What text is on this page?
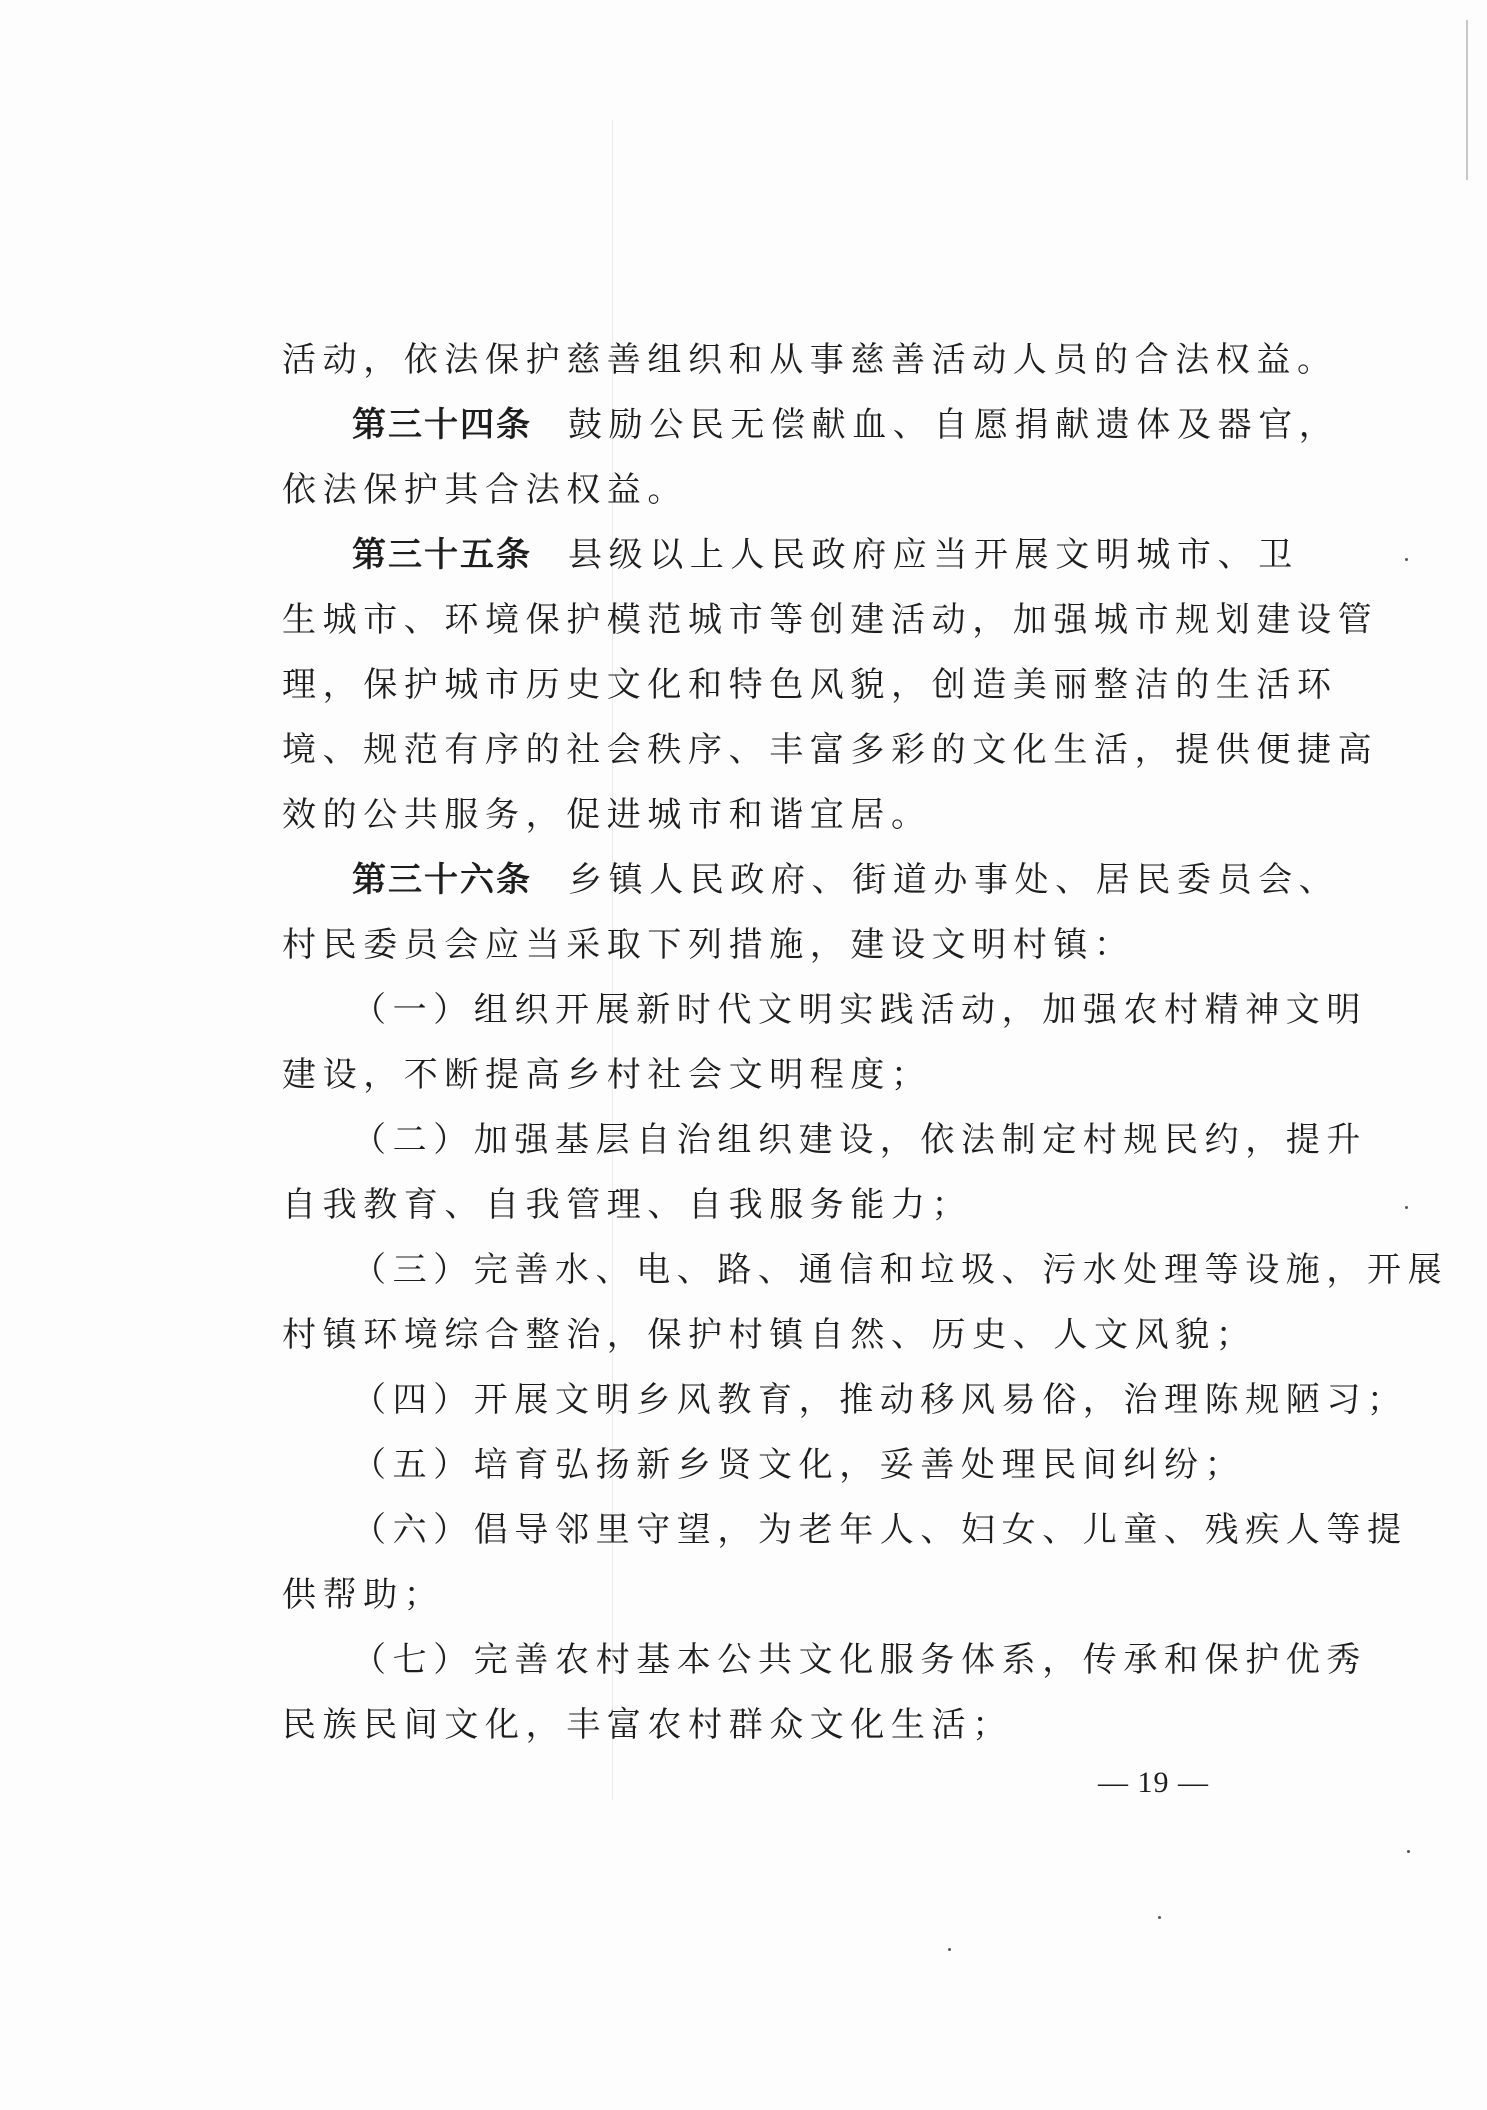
活动，依法保护慈善组织和从事慈善活动人员的合法权益。
第三十四条 鼓励公民无偿献血、自愿捐献遗体及器官，
依法保护其合法权益。
第三十五条 县级以上人民政府应当开展文明城市、卫
生城市、环境保护模范城市等创建活动，加强城市规划建设管
理，保护城市历史文化和特色风貌，创造美丽整洁的生活环
境、规范有序的社会秩序、丰富多彩的文化生活，提供便捷高
效的公共服务，促进城市和谐宜居。
第三十六条 乡镇人民政府、街道办事处、居民委员会、
村民委员会应当采取下列措施，建设文明村镇：
（一）组织开展新时代文明实践活动，加强农村精神文明
建设，不断提高乡村社会文明程度；
（二）加强基层自治组织建设，依法制定村规民约，提升
自我教育、自我管理、自我服务能力；
（三）完善水、电、路、通信和垃圾、污水处理等设施，开展
村镇环境综合整治，保护村镇自然、历史、人文风貌；
（四）开展文明乡风教育，推动移风易俗，治理陈规陋习；
（五）培育弘扬新乡贤文化，妥善处理民间纠纷；
（六）倡导邻里守望，为老年人、妇女、儿童、残疾人等提
供帮助；
（七）完善农村基本公共文化服务体系，传承和保护优秀
民族民间文化，丰富农村群众文化生活；
— 19 —
